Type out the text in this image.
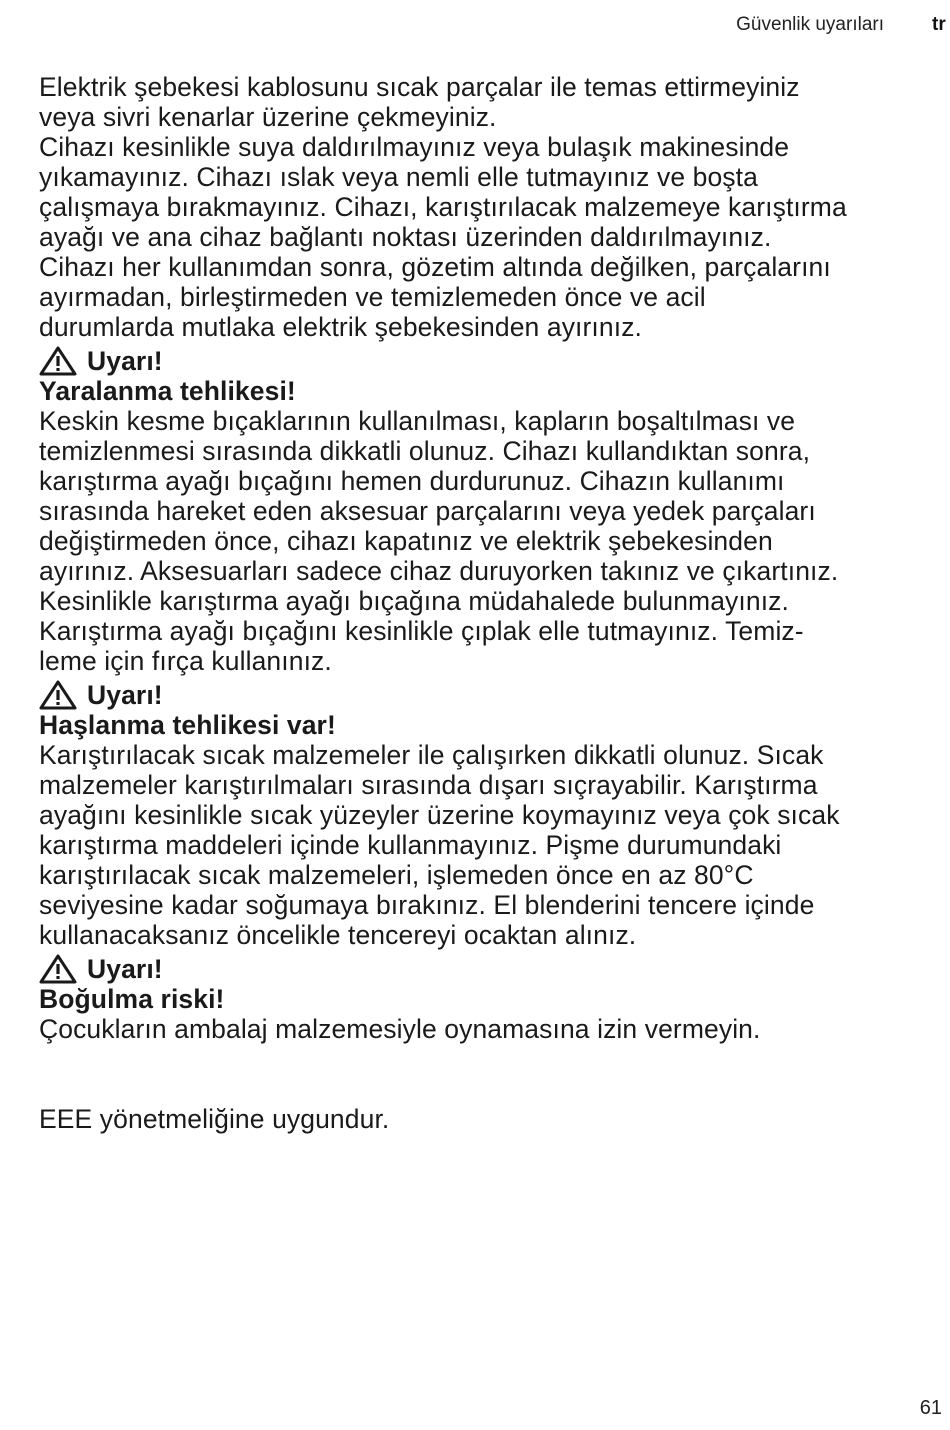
Güvenlik uyarıları	tr

Elektrik şebekesi kablosunu sıcak parçalar ile temas ettirmeyiniz
veya sivri kenarlar üzerine çekmeyiniz.
Cihazı kesinlikle suya daldırılmayınız veya bulaşık makinesinde
yıkamayınız. Cihazı ıslak veya nemli elle tutmayınız ve boşta
çalışmaya bırakmayınız. Cihazı, karıştırılacak malzemeye karıştırma
ayağı ve ana cihaz bağlantı noktası üzerinden daldırılmayınız.
Cihazı her kullanımdan sonra, gözetim altında değilken, parçalarını
ayırmadan, birleştirmeden ve temizlemeden önce ve acil
durumlarda mutlaka elektrik şebekesinden ayırınız.

Uyarı!

Yaralanma tehlikesi!

Keskin kesme bıçaklarının kullanılması, kapların boşaltılması ve
temizlenmesi sırasında dikkatli olunuz. Cihazı kullandıktan sonra,
karıştırma ayağı bıçağını hemen durdurunuz. Cihazın kullanımı
sırasında hareket eden aksesuar parçalarını veya yedek parçaları
değiştirmeden önce, cihazı kapatınız ve elektrik şebekesinden
ayırınız. Aksesuarları sadece cihaz duruyorken takınız ve çıkartınız.
Kesinlikle karıştırma ayağı bıçağına müdahalede bulunmayınız.
Karıştırma ayağı bıçağını kesinlikle çıplak elle tutmayınız. Temiz-
leme için fırça kullanınız.

Uyarı!

Haşlanma tehlikesi var!

Karıştırılacak sıcak malzemeler ile çalışırken dikkatli olunuz. Sıcak
malzemeler karıştırılmaları sırasında dışarı sıçrayabilir. Karıştırma
ayağını kesinlikle sıcak yüzeyler üzerine koymayınız veya çok sıcak
karıştırma maddeleri içinde kullanmayınız. Pişme durumundaki
karıştırılacak sıcak malzemeleri, işlemeden önce en az 80°C
seviyesine kadar soğumaya bırakınız. El blenderini tencere içinde
kullanacaksanız öncelikle tencereyi ocaktan alınız.

Uyarı!

Boğulma riski!

Çocukların ambalaj malzemesiyle oynamasına izin vermeyin.

EEE yönetmeliğine uygundur.

61
